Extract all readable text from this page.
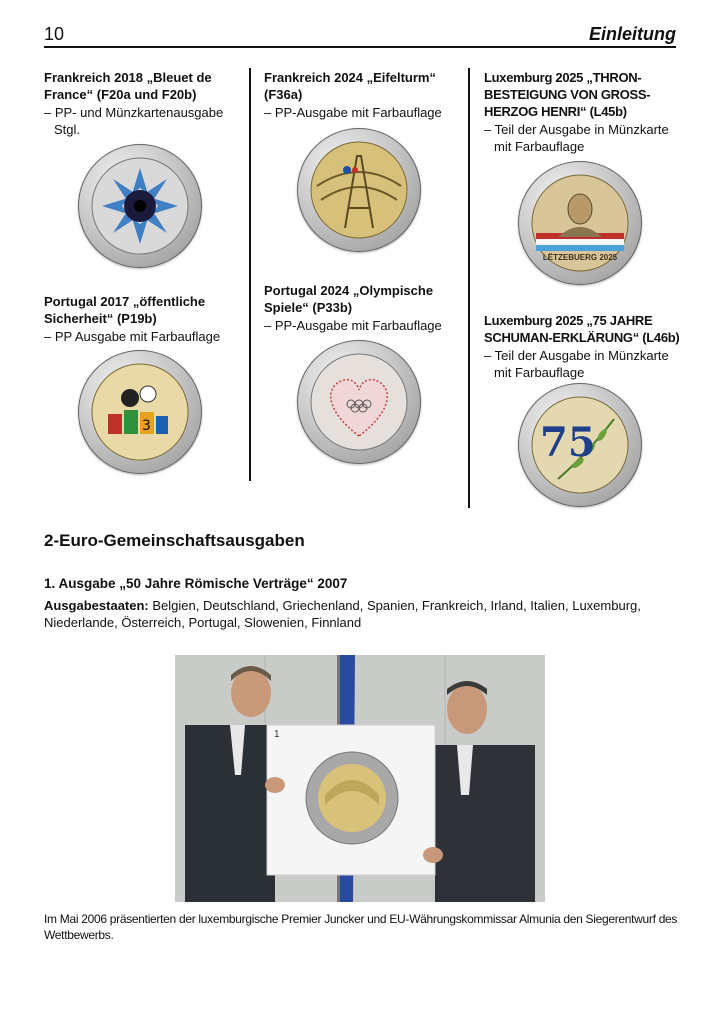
10	Einleitung
Frankreich 2018 „Bleuet de France“ (F20a und F20b)
– PP- und Münzkartenausgabe Stgl.
Portugal 2017 „öffentliche Sicherheit“ (P19b)
– PP Ausgabe mit Farbauflage
3
Frankreich 2024 „Eifelturm“ (F36a)
– PP-Ausgabe mit Farbauflage
Portugal 2024 „Olympische Spiele“ (P33b)
– PP-Ausgabe mit Farbauflage
Luxemburg 2025 „THRON-BESTEIGUNG VON GROSS-HERZOG HENRI“ (L45b)
– Teil der Ausgabe in Münzkarte mit Farbauflage
LËTZEBUERG 2025
Luxemburg 2025 „75 JAHRE SCHUMAN-ERKLÄRUNG“ (L46b)
– Teil der Ausgabe in Münzkarte mit Farbauflage
75
2-Euro-Gemeinschaftsausgaben
1. Ausgabe „50 Jahre Römische Verträge“ 2007
Ausgabestaaten: Belgien, Deutschland, Griechenland, Spanien, Frankreich, Irland, Italien, Luxemburg, Niederlande, Österreich, Portugal, Slowenien, Finnland
1
Im Mai 2006 präsentierten der luxemburgische Premier Juncker und EU-Währungskommissar Almunia den Siegerentwurf des Wettbewerbs.
